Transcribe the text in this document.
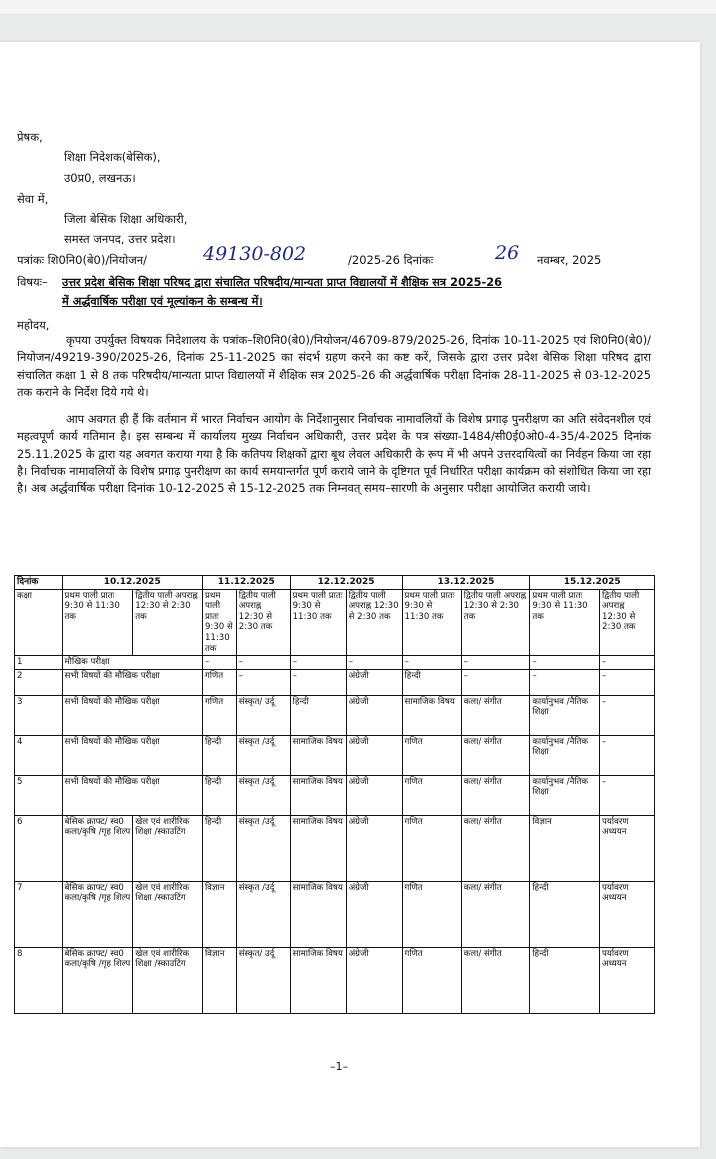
प्रेषक,
शिक्षा निदेशक(बेसिक),
उ0प्र0, लखनऊ।
सेवा में,
जिला बेसिक शिक्षा अधिकारी,
समस्त जनपद, उत्तर प्रदेश।
पत्रांकः शि0नि0(बे0)/नियोजन/	49130-802	/2025-26 दिनांकः	26 नवम्बर, 2025
विषयः– उत्तर प्रदेश बेसिक शिक्षा परिषद द्वारा संचालित परिषदीय/मान्यता प्राप्त विद्यालयों में शैक्षिक सत्र 2025-26
में अर्द्धवार्षिक परीक्षा एवं मूल्यांकन के सम्बन्ध में।
महोदय,
कृपया उपर्युक्त विषयक निदेशालय के पत्रांक–शि0नि0(बे0)/नियोजन/46709-879/2025-26, दिनांक 10-11-2025 एवं शि0नि0(बे0)/नियोजन/49219-390/2025-26, दिनांक 25-11-2025 का संदर्भ ग्रहण करने का कष्ट करें, जिसके द्वारा उत्तर प्रदेश बेसिक शिक्षा परिषद द्वारा संचालित कक्षा 1 से 8 तक परिषदीय/मान्यता प्राप्त विद्यालयों में शैक्षिक सत्र 2025-26 की अर्द्धवार्षिक परीक्षा दिनांक 28-11-2025 से 03-12-2025 तक कराने के निर्देश दिये गये थे।
आप अवगत ही हैं कि वर्तमान में भारत निर्वाचन आयोग के निर्देशानुसार निर्वाचक नामावलियों के विशेष प्रगाढ़ पुनरीक्षण का अति संवेदनशील एवं महत्वपूर्ण कार्य गतिमान है। इस सम्बन्ध में कार्यालय मुख्य निर्वाचन अधिकारी, उत्तर प्रदेश के पत्र संख्या-1484/सी0ई0ओ0-4-35/4-2025 दिनांक 25.11.2025 के द्वारा यह अवगत कराया गया है कि कतिपय शिक्षकों द्वारा बूथ लेवल अधिकारी के रूप में भी अपने उत्तरदायित्वों का निर्वहन किया जा रहा है। निर्वाचक नामावलियों के विशेष प्रगाढ़ पुनरीक्षण का कार्य समयान्तर्गत पूर्ण कराये जाने के दृष्टिगत पूर्व निर्धारित परीक्षा कार्यक्रम को संशोधित किया जा रहा है। अब अर्द्धवार्षिक परीक्षा दिनांक 10-12-2025 से 15-12-2025 तक निम्नवत् समय–सारणी के अनुसार परीक्षा आयोजित करायी जाये।
दिनांक	10.12.2025		11.12.2025		12.12.2025		13.12.2025		15.12.2025	
कक्षा	प्रथम पाली प्रातः 9:30 से 11:30 तक	द्वितीय पाली अपराह्न 12:30 से 2:30 तक	प्रथम पाली प्रातः 9:30 से 11:30 तक	द्वितीय पाली अपराह्न 12:30 से 2:30 तक	प्रथम पाली प्रातः 9:30 से 11:30 तक	द्वितीय पाली अपराह्न 12:30 से 2:30 तक	प्रथम पाली प्रातः 9:30 से 11:30 तक	द्वितीय पाली अपराह्न 12:30 से 2:30 तक	प्रथम पाली प्रातः 9:30 से 11:30 तक	द्वितीय पाली अपराह्न 12:30 से 2:30 तक
1	मौखिक परीक्षा		–	–	–	–	–	–	–	–
2	सभी विषयों की मौखिक परीक्षा		गणित	–	–	अंग्रेजी	हिन्दी	–	–	–
3	सभी विषयों की मौखिक परीक्षा		गणित	संस्कृत/ उर्दू	हिन्दी	अंग्रेजी	सामाजिक विषय	कला/ संगीत	कार्यानुभव /नैतिक शिक्षा	–
4	सभी विषयों की मौखिक परीक्षा		हिन्दी	संस्कृत /उर्दू	सामाजिक विषय	अंग्रेजी	गणित	कला/ संगीत	कार्यानुभव /नैतिक शिक्षा	–
5	सभी विषयों की मौखिक परीक्षा		हिन्दी	संस्कृत /उर्दू	सामाजिक विषय	अंग्रेजी	गणित	कला/ संगीत	कार्यानुभव /नैतिक शिक्षा	–
6	बेसिक क्राफ्ट/ स्व0 कला/कृषि /गृह शिल्प	खेल एवं शारीरिक शिक्षा /स्काउटिंग	हिन्दी	संस्कृत /उर्दू	सामाजिक विषय	अंग्रेजी	गणित	कला/ संगीत	विज्ञान	पर्यावरण अध्ययन
7	बेसिक क्राफ्ट/ स्व0 कला/कृषि /गृह शिल्प	खेल एवं शारीरिक शिक्षा /स्काउटिंग	विज्ञान	संस्कृत /उर्दू	सामाजिक विषय	अंग्रेजी	गणित	कला/ संगीत	हिन्दी	पर्यावरण अध्ययन
8	बेसिक क्राफ्ट/ स्व0 कला/कृषि /गृह शिल्प	खेल एवं शारीरिक शिक्षा /स्काउटिंग	विज्ञान	संस्कृत/ उर्दू	सामाजिक विषय	अंग्रेजी	गणित	कला/ संगीत	हिन्दी	पर्यावरण अध्ययन
–1–
